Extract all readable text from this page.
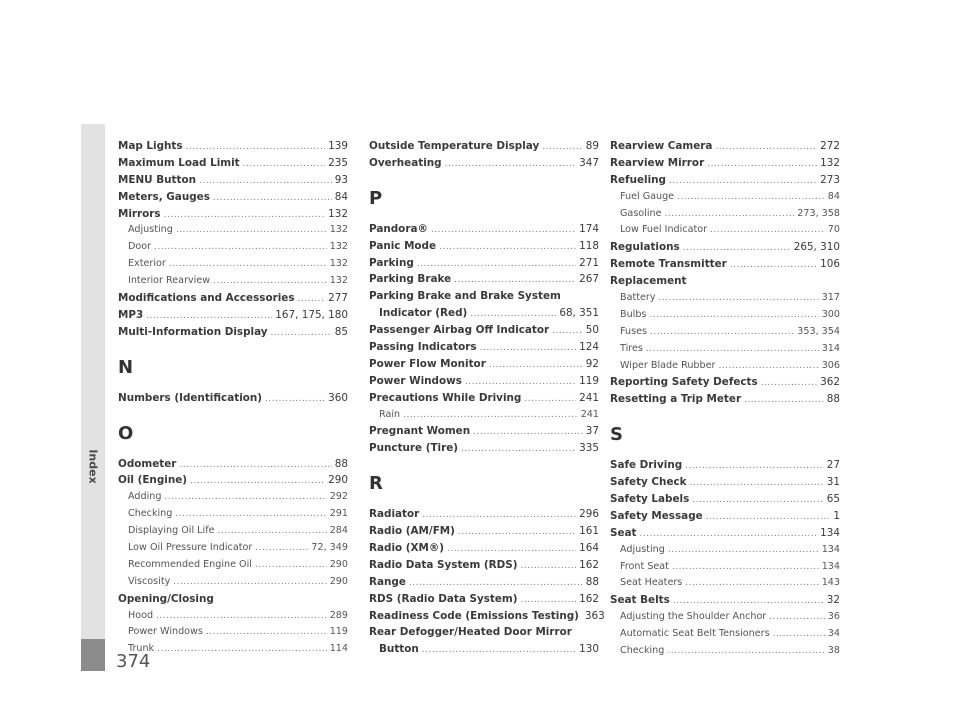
Index
374
Map Lights .....	139
Maximum Load Limit .....	235
MENU Button .....	93
Meters, Gauges .....	84
Mirrors .....	132
Adjusting .....	132
Door .....	132
Exterior .....	132
Interior Rearview .....	132
Modifications and Accessories .....	277
MP3 .....	167, 175, 180
Multi-Information Display .....	85
N
Numbers (Identification) .....	360
O
Odometer .....	88
Oil (Engine) .....	290
Adding .....	292
Checking .....	291
Displaying Oil Life .....	284
Low Oil Pressure Indicator .....	72, 349
Recommended Engine Oil .....	290
Viscosity .....	290
Opening/Closing
Hood .....	289
Power Windows .....	119
Trunk .....	114
Outside Temperature Display .....	89
Overheating .....	347
P
Pandora® .....	174
Panic Mode .....	118
Parking .....	271
Parking Brake .....	267
Parking Brake and Brake System
Indicator (Red) .....	68, 351
Passenger Airbag Off Indicator .....	50
Passing Indicators .....	124
Power Flow Monitor .....	92
Power Windows .....	119
Precautions While Driving .....	241
Rain .....	241
Pregnant Women .....	37
Puncture (Tire) .....	335
R
Radiator .....	296
Radio (AM/FM) .....	161
Radio (XM®) .....	164
Radio Data System (RDS) .....	162
Range .....	88
RDS (Radio Data System) .....	162
Readiness Code (Emissions Testing) 363
Rear Defogger/Heated Door Mirror
Button .....	130
Rearview Camera .....	272
Rearview Mirror .....	132
Refueling .....	273
Fuel Gauge .....	84
Gasoline .....	273, 358
Low Fuel Indicator .....	70
Regulations .....	265, 310
Remote Transmitter .....	106
Replacement
Battery .....	317
Bulbs .....	300
Fuses .....	353, 354
Tires .....	314
Wiper Blade Rubber .....	306
Reporting Safety Defects .....	362
Resetting a Trip Meter .....	88
S
Safe Driving .....	27
Safety Check .....	31
Safety Labels .....	65
Safety Message .....	1
Seat .....	134
Adjusting .....	134
Front Seat .....	134
Seat Heaters .....	143
Seat Belts .....	32
Adjusting the Shoulder Anchor .....	36
Automatic Seat Belt Tensioners .....	34
Checking .....	38
